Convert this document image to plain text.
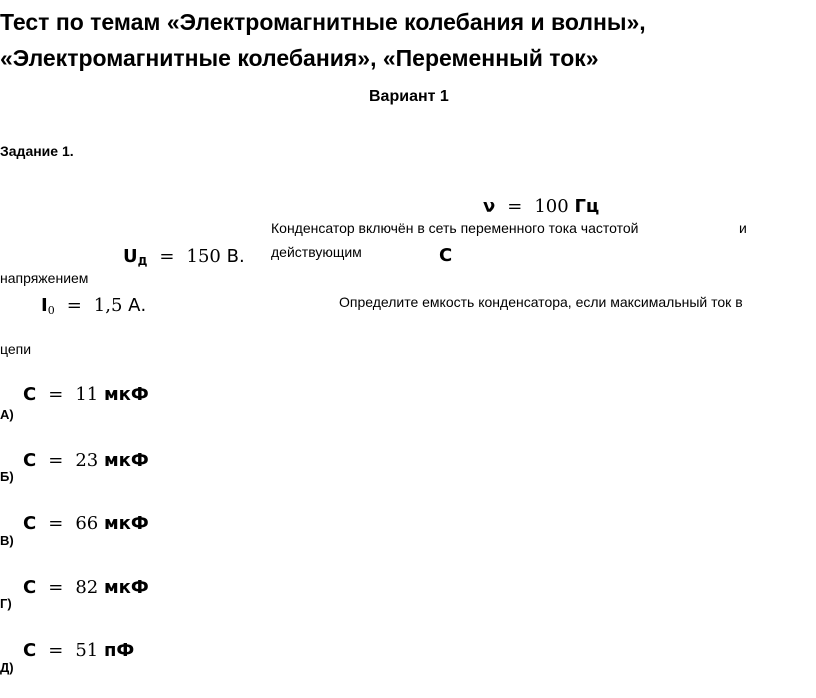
Тест по темам «Электромагнитные колебания и волны»,
«Электромагнитные колебания», «Переменный ток»
Вариант 1
Задание 1.
ν = 100 Гц
Конденсатор включён в сеть переменного тока частотой	и
$U_Д = 150$ В. действующим	C
напряжением
$I_0 = 1,5$ А.	Определите емкость конденсатора, если максимальный ток в
цепи
А)
C = 11 мкФ
Б)
C = 23 мкФ
В)
C = 66 мкФ
Г)
C = 82 мкФ
Д)
C = 51 пФ
